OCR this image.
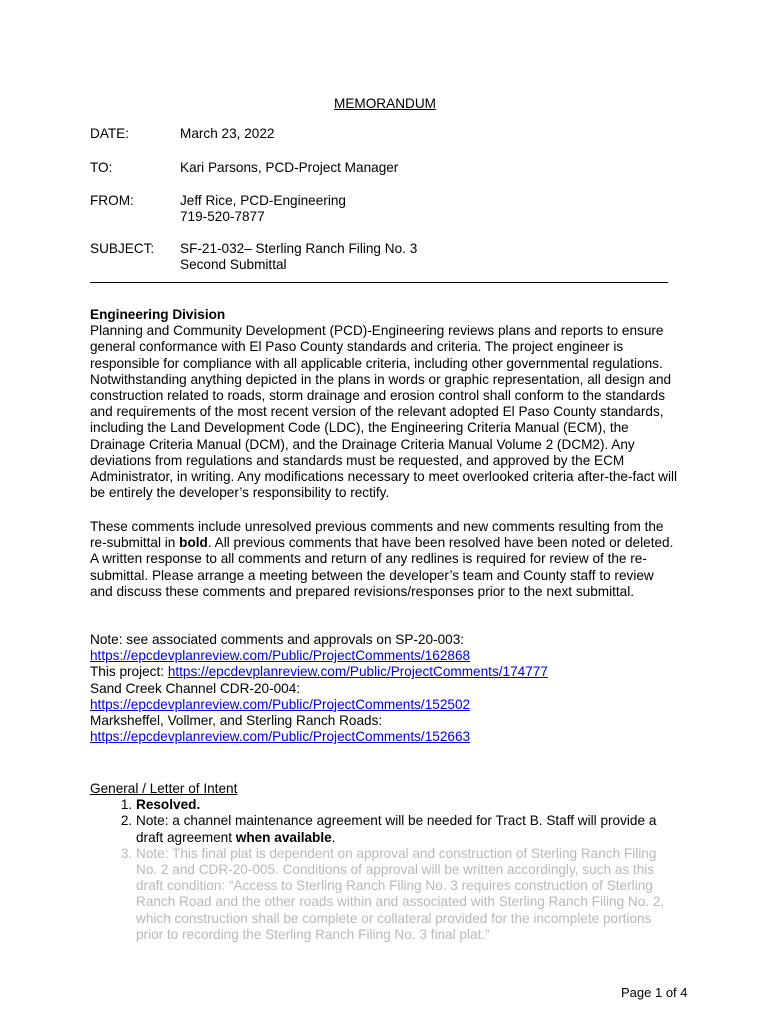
MEMORANDUM
DATE:	March 23, 2022
TO:	Kari Parsons, PCD-Project Manager
FROM:	Jeff Rice, PCD-Engineering
719-520-7877
SUBJECT: SF-21-032– Sterling Ranch Filing No. 3
Second Submittal

Engineering Division

Planning and Community Development (PCD)-Engineering reviews plans and reports to ensure general conformance with El Paso County standards and criteria. The project engineer is responsible for compliance with all applicable criteria, including other governmental regulations. Notwithstanding anything depicted in the plans in words or graphic representation, all design and construction related to roads, storm drainage and erosion control shall conform to the standards and requirements of the most recent version of the relevant adopted El Paso County standards, including the Land Development Code (LDC), the Engineering Criteria Manual (ECM), the Drainage Criteria Manual (DCM), and the Drainage Criteria Manual Volume 2 (DCM2). Any deviations from regulations and standards must be requested, and approved by the ECM Administrator, in writing. Any modifications necessary to meet overlooked criteria after-the-fact will be entirely the developer’s responsibility to rectify.

These comments include unresolved previous comments and new comments resulting from the re-submittal in bold. All previous comments that have been resolved have been noted or deleted. A written response to all comments and return of any redlines is required for review of the re-submittal. Please arrange a meeting between the developer’s team and County staff to review and discuss these comments and prepared revisions/responses prior to the next submittal.

Note: see associated comments and approvals on SP-20-003:

https://epcdevplanreview.com/Public/ProjectComments/162868

This project: https://epcdevplanreview.com/Public/ProjectComments/174777

Sand Creek Channel CDR-20-004:

https://epcdevplanreview.com/Public/ProjectComments/152502

Marksheffel, Vollmer, and Sterling Ranch Roads:

https://epcdevplanreview.com/Public/ProjectComments/152663

General / Letter of Intent

1. Resolved.
2. Note: a channel maintenance agreement will be needed for Tract B. Staff will provide a draft agreement when available.
3. Note: This final plat is dependent on approval and construction of Sterling Ranch Filing No. 2 and CDR-20-005. Conditions of approval will be written accordingly, such as this draft condition: “Access to Sterling Ranch Filing No. 3 requires construction of Sterling Ranch Road and the other roads within and associated with Sterling Ranch Filing No. 2, which construction shall be complete or collateral provided for the incomplete portions prior to recording the Sterling Ranch Filing No. 3 final plat.”
Page 1 of 4
